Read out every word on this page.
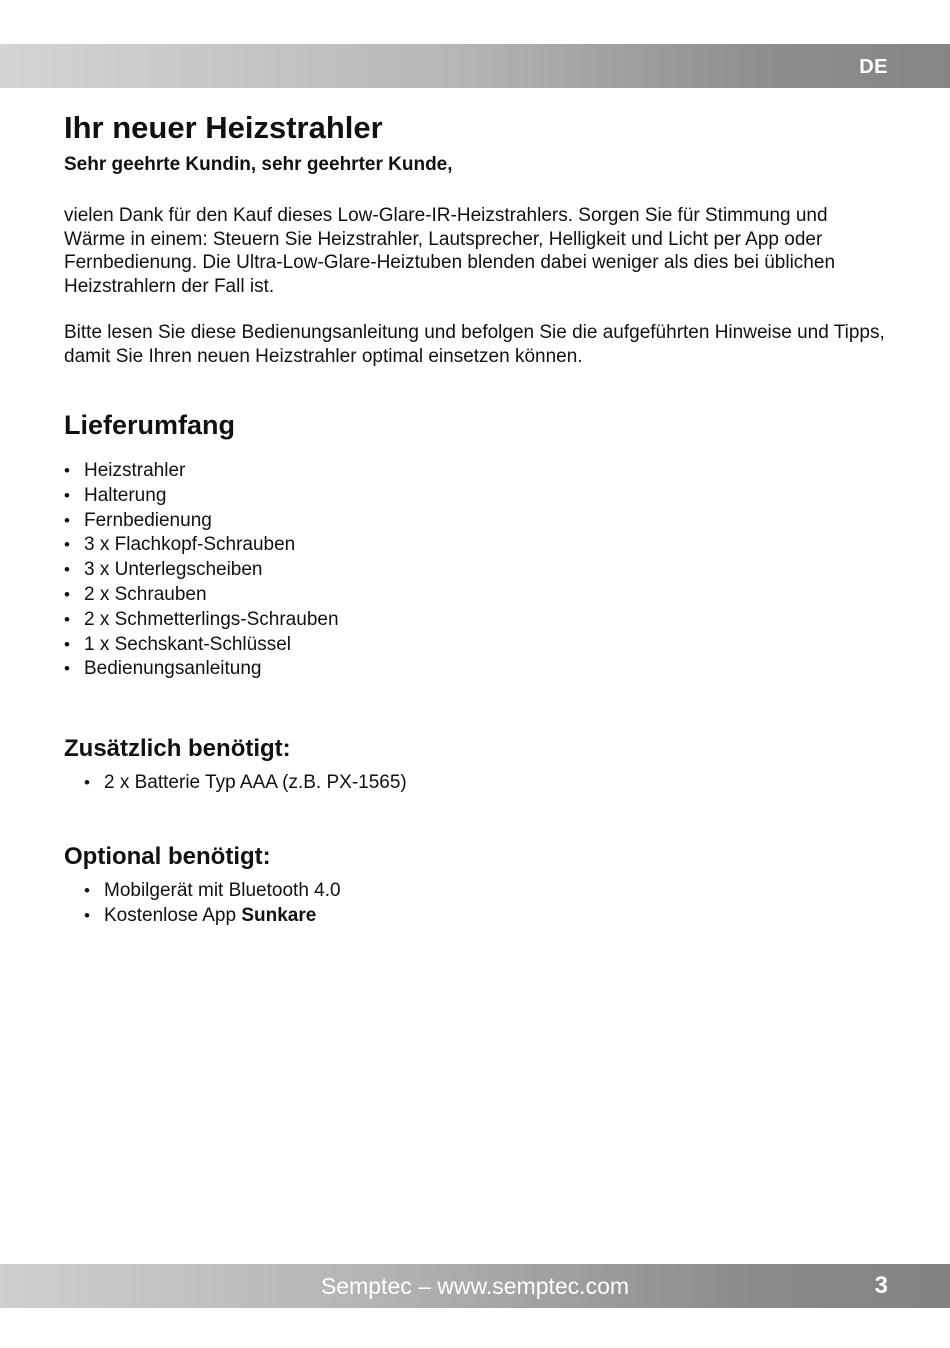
DE
Ihr neuer Heizstrahler
Sehr geehrte Kundin, sehr geehrter Kunde,

vielen Dank für den Kauf dieses Low-Glare-IR-Heizstrahlers. Sorgen Sie für Stimmung und Wärme in einem: Steuern Sie Heizstrahler, Lautsprecher, Helligkeit und Licht per App oder Fernbedienung. Die Ultra-Low-Glare-Heiztuben blenden dabei weniger als dies bei üblichen Heizstrahlern der Fall ist.

Bitte lesen Sie diese Bedienungsanleitung und befolgen Sie die aufgeführten Hinweise und Tipps, damit Sie Ihren neuen Heizstrahler optimal einsetzen können.

Lieferumfang
• Heizstrahler
• Halterung
• Fernbedienung
• 3 x Flachkopf-Schrauben
• 3 x Unterlegscheiben
• 2 x Schrauben
• 2 x Schmetterlings-Schrauben
• 1 x Sechskant-Schlüssel
• Bedienungsanleitung
Zusätzlich benötigt:
• 2 x Batterie Typ AAA (z.B. PX-1565)
Optional benötigt:
• Mobilgerät mit Bluetooth 4.0
• Kostenlose App Sunkare
Semptec – www.semptec.com	3
